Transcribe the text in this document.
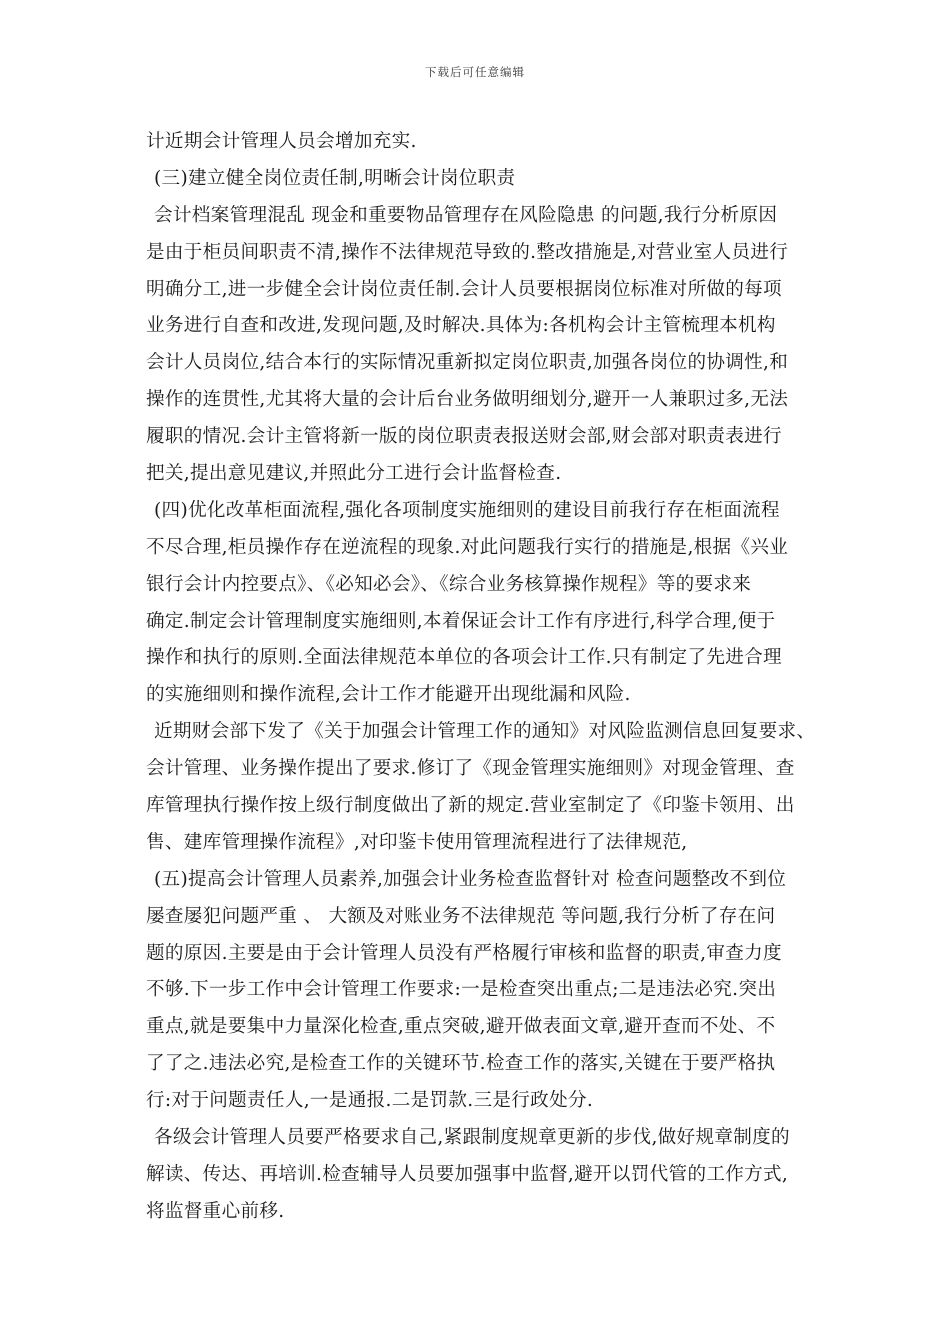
下载后可任意编辑
计近期会计管理人员会增加充实.
(三)建立健全岗位责任制,明晰会计岗位职责
会计档案管理混乱 现金和重要物品管理存在风险隐患 的问题,我行分析原因
是由于柜员间职责不清,操作不法律规范导致的.整改措施是,对营业室人员进行
明确分工,进一步健全会计岗位责任制.会计人员要根据岗位标准对所做的每项
业务进行自查和改进,发现问题,及时解决.具体为:各机构会计主管梳理本机构
会计人员岗位,结合本行的实际情况重新拟定岗位职责,加强各岗位的协调性,和
操作的连贯性,尤其将大量的会计后台业务做明细划分,避开一人兼职过多,无法
履职的情况.会计主管将新一版的岗位职责表报送财会部,财会部对职责表进行
把关,提出意见建议,并照此分工进行会计监督检查.
(四)优化改革柜面流程,强化各项制度实施细则的建设目前我行存在柜面流程
不尽合理,柜员操作存在逆流程的现象.对此问题我行实行的措施是,根据《兴业
银行会计内控要点》、《必知必会》、《综合业务核算操作规程》等的要求来
确定.制定会计管理制度实施细则,本着保证会计工作有序进行,科学合理,便于
操作和执行的原则.全面法律规范本单位的各项会计工作.只有制定了先进合理
的实施细则和操作流程,会计工作才能避开出现纰漏和风险.
近期财会部下发了《关于加强会计管理工作的通知》对风险监测信息回复要求、
会计管理、业务操作提出了要求.修订了《现金管理实施细则》对现金管理、查
库管理执行操作按上级行制度做出了新的规定.营业室制定了《印鉴卡领用、出
售、建库管理操作流程》,对印鉴卡使用管理流程进行了法律规范,
(五)提高会计管理人员素养,加强会计业务检查监督针对 检查问题整改不到位
屡查屡犯问题严重 、 大额及对账业务不法律规范 等问题,我行分析了存在问
题的原因.主要是由于会计管理人员没有严格履行审核和监督的职责,审查力度
不够.下一步工作中会计管理工作要求:一是检查突出重点;二是违法必究.突出
重点,就是要集中力量深化检查,重点突破,避开做表面文章,避开查而不处、不
了了之.违法必究,是检查工作的关键环节.检查工作的落实,关键在于要严格执
行:对于问题责任人,一是通报.二是罚款.三是行政处分.
各级会计管理人员要严格要求自己,紧跟制度规章更新的步伐,做好规章制度的
解读、传达、再培训.检查辅导人员要加强事中监督,避开以罚代管的工作方式,
将监督重心前移.
